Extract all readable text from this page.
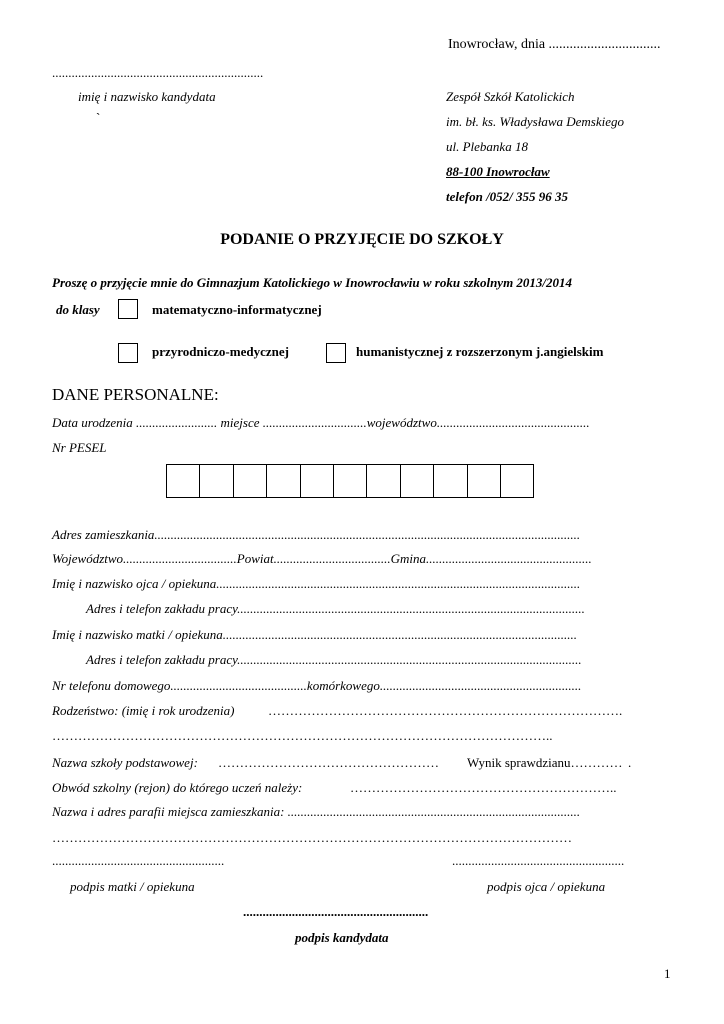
Inowrocław, dnia ................................
.................................................................
imię i nazwisko kandydata
`
Zespół Szkół Katolickich
im. bł. ks. Władysława Demskiego
ul. Plebanka 18
88-100 Inowrocław
telefon /052/ 355 96 35
PODANIE O PRZYJĘCIE DO SZKOŁY
Proszę o przyjęcie mnie do Gimnazjum Katolickiego w Inowrocławiu w roku szkolnym 2013/2014
do klasy	matematyczno-informatycznej
przyrodniczo-medycznej	humanistycznej z rozszerzonym j.angielskim
DANE PERSONALNE:
Data urodzenia ......................... miejsce ................................województwo...............................................
Nr PESEL
Adres zamieszkania...................................................................................................................................
Województwo...................................Powiat....................................Gmina...................................................
Imię i nazwisko ojca / opiekuna................................................................................................................
Adres i telefon zakładu pracy...........................................................................................................
Imię i nazwisko matki / opiekuna.............................................................................................................
Adres i telefon zakładu pracy..........................................................................................................
Nr telefonu domowego..........................................komórkowego..............................................................
Rodzeństwo: (imię i rok urodzenia)	……………………………………………………………………….
……………………………………………………………………………………………………..
Nazwa szkoły podstawowej: …………………………………………… Wynik sprawdzianu………… .
Obwód szkolny (rejon) do którego uczeń należy:	……………………………………………………..
Nazwa i adres parafii miejsca zamieszkania: ..........................................................................................
…………………………………………………………………………………………………………
.....................................................
podpis matki / opiekuna
.....................................................
podpis ojca / opiekuna
.........................................................
podpis kandydata
1
